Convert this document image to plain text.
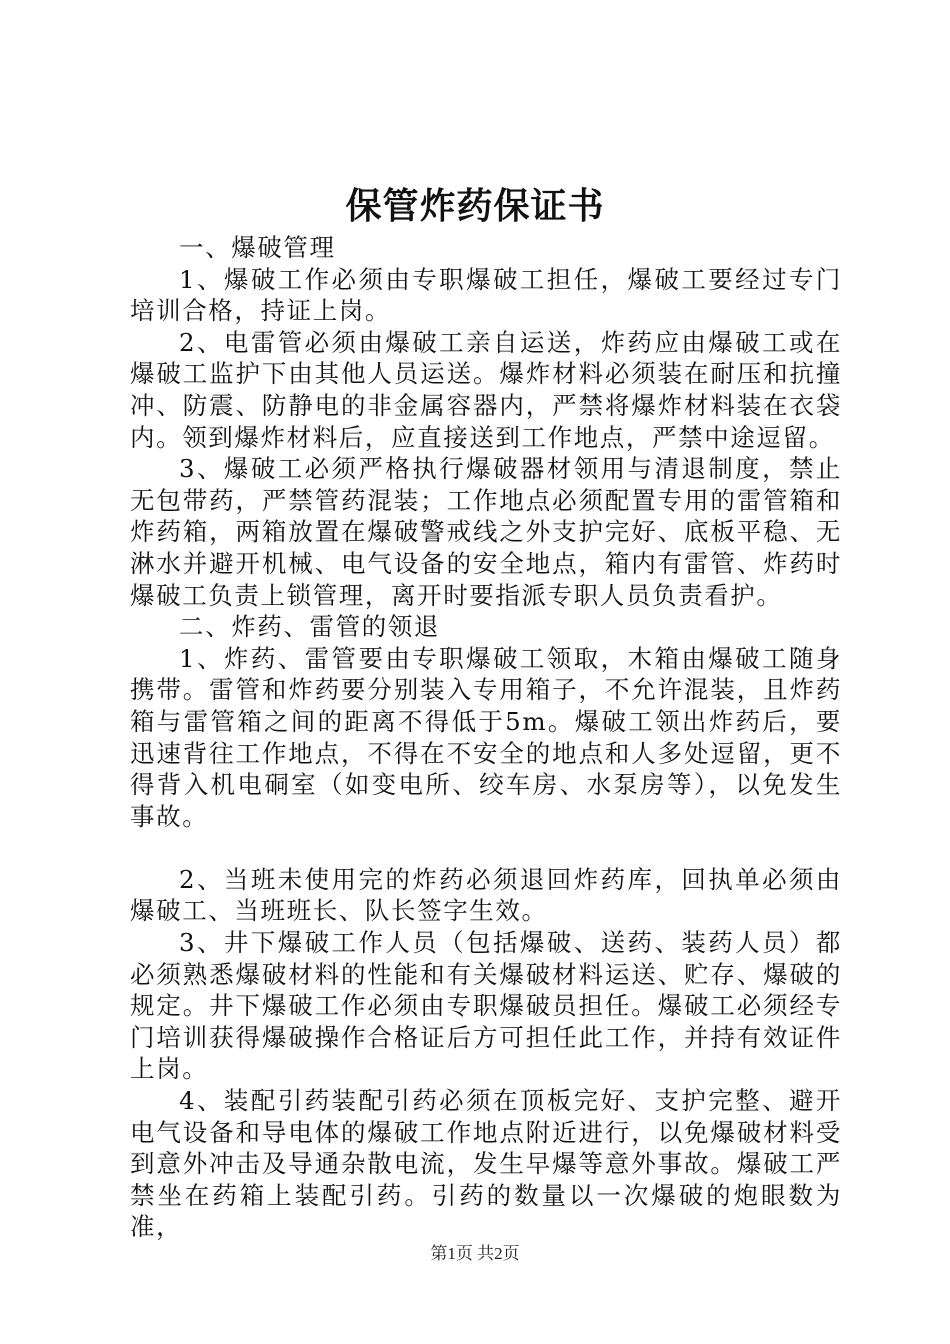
保管炸药保证书

一、爆破管理

1、爆破工作必须由专职爆破工担任，爆破工要经过专门培训合格，持证上岗。

2、电雷管必须由爆破工亲自运送，炸药应由爆破工或在爆破工监护下由其他人员运送。爆炸材料必须装在耐压和抗撞冲、防震、防静电的非金属容器内，严禁将爆炸材料装在衣袋内。领到爆炸材料后，应直接送到工作地点，严禁中途逗留。

3、爆破工必须严格执行爆破器材领用与清退制度，禁止无包带药，严禁管药混装；工作地点必须配置专用的雷管箱和炸药箱，两箱放置在爆破警戒线之外支护完好、底板平稳、无淋水并避开机械、电气设备的安全地点，箱内有雷管、炸药时爆破工负责上锁管理，离开时要指派专职人员负责看护。

二、炸药、雷管的领退

1、炸药、雷管要由专职爆破工领取，木箱由爆破工随身携带。雷管和炸药要分别装入专用箱子，不允许混装，且炸药箱与雷管箱之间的距离不得低于5m。爆破工领出炸药后，要迅速背往工作地点，不得在不安全的地点和人多处逗留，更不得背入机电硐室（如变电所、绞车房、水泵房等），以免发生事故。

2、当班未使用完的炸药必须退回炸药库，回执单必须由爆破工、当班班长、队长签字生效。

3、井下爆破工作人员（包括爆破、送药、装药人员）都必须熟悉爆破材料的性能和有关爆破材料运送、贮存、爆破的规定。井下爆破工作必须由专职爆破员担任。爆破工必须经专门培训获得爆破操作合格证后方可担任此工作，并持有效证件上岗。

4、装配引药装配引药必须在顶板完好、支护完整、避开电气设备和导电体的爆破工作地点附近进行，以免爆破材料受到意外冲击及导通杂散电流，发生早爆等意外事故。爆破工严禁坐在药箱上装配引药。引药的数量以一次爆破的炮眼数为准，

第1页 共2页
